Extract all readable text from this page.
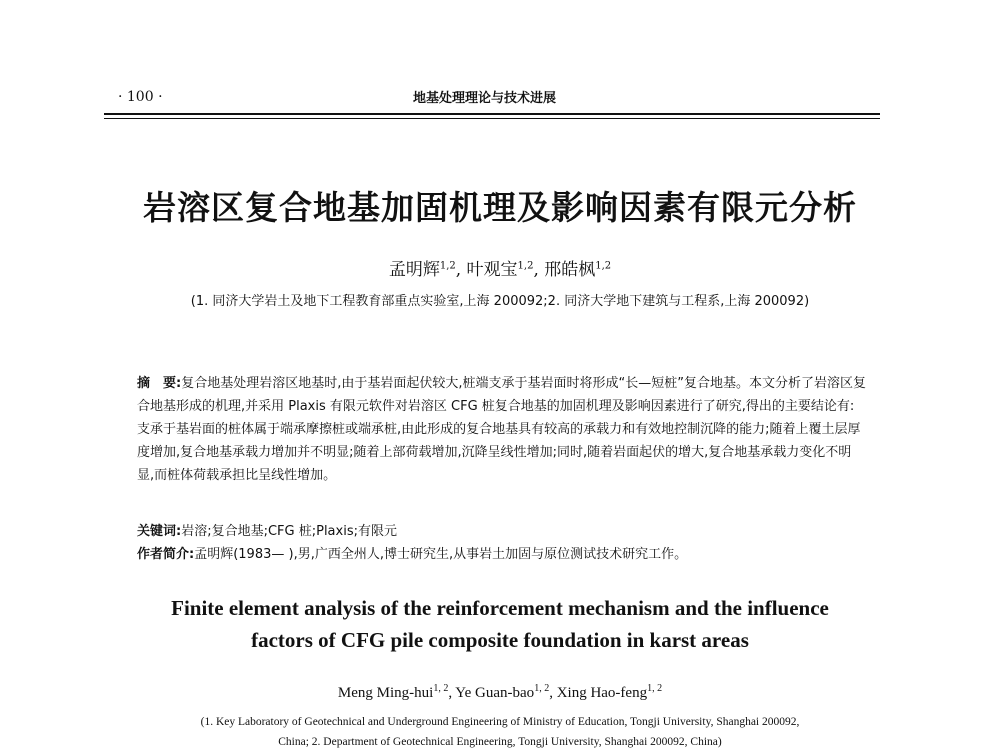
· 100 ·	地基处理理论与技术进展
岩溶区复合地基加固机理及影响因素有限元分析
孟明辉$^{1,2}$, 叶观宝$^{1,2}$, 邢皓枫$^{1,2}$
(1. 同济大学岩土及地下工程教育部重点实验室,上海 200092;2. 同济大学地下建筑与工程系,上海 200092)
摘　要:复合地基处理岩溶区地基时,由于基岩面起伏较大,桩端支承于基岩面时将形成“长—短桩”复合地基。本文分析了岩溶区复合地基形成的机理,并采用 Plaxis 有限元软件对岩溶区 CFG 桩复合地基的加固机理及影响因素进行了研究,得出的主要结论有:支承于基岩面的桩体属于端承摩擦桩或端承桩,由此形成的复合地基具有较高的承载力和有效地控制沉降的能力;随着上覆土层厚度增加,复合地基承载力增加并不明显;随着上部荷载增加,沉降呈线性增加;同时,随着岩面起伏的增大,复合地基承载力变化不明显,而桩体荷载承担比呈线性增加。
关键词:岩溶;复合地基;CFG 桩;Plaxis;有限元
作者简介:孟明辉(1983— ),男,广西全州人,博士研究生,从事岩土加固与原位测试技术研究工作。
Finite element analysis of the reinforcement mechanism and the influence
factors of CFG pile composite foundation in karst areas
Meng Ming-hui$^{1, 2}$, Ye Guan-bao$^{1, 2}$, Xing Hao-feng$^{1, 2}$
(1. Key Laboratory of Geotechnical and Underground Engineering of Ministry of Education, Tongji University, Shanghai 200092,
China; 2. Department of Geotechnical Engineering, Tongji University, Shanghai 200092, China)
